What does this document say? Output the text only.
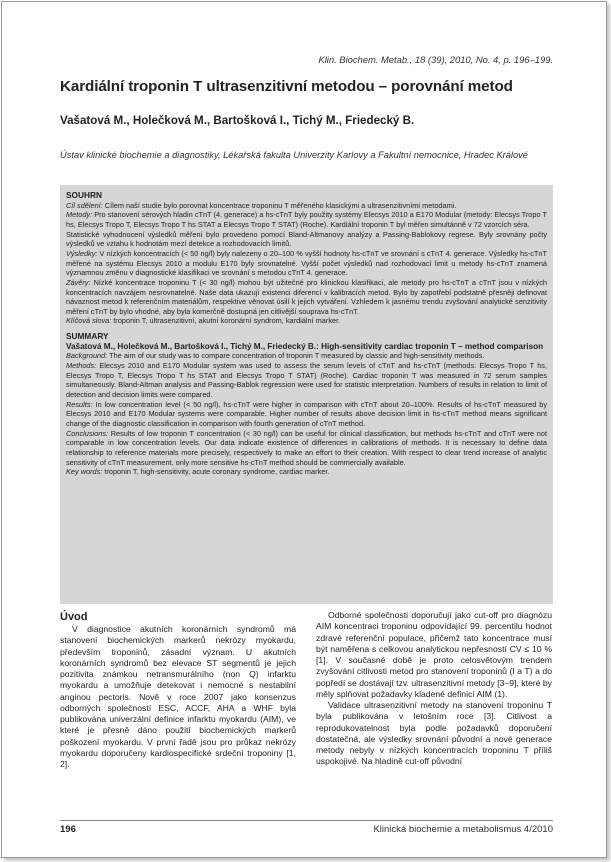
Klin. Biochem. Metab., 18 (39), 2010, No. 4, p. 196–199.
Kardiální troponin T ultrasenzitivní metodou – porovnání metod
Vašatová M., Holečková M., Bartošková I., Tichý M., Friedecký B.
Ústav klinické biochemie a diagnostiky, Lékařská fakulta Univerzity Karlovy a Fakultní nemocnice, Hradec Králové

SOUHRN

Cíl sdělení: Cílem naší studie bylo porovnat koncentrace troponinu T měřeného klasickými a ultrasenzitivními metodami.

Metody: Pro stanovení sérových hladin cTnT (4. generace) a hs-cTnT byly použity systémy Elecsys 2010 a E170 Modular (metody: Elecsys Tropo T hs, Elecsys Tropo T, Elecsys Tropo T hs STAT a Elecsys Tropo T STAT) (Roche). Kardiální troponin T byl měřen simultánně v 72 vzorcích séra.

Statistické vyhodnocení výsledků měření bylo provedeno pomocí Bland-Altmanovy analýzy a Passing-Bablokovy regrese. Byly srovnány počty výsledků ve vztahu k hodnotám mezí detekce a rozhodovacích limitů.

Výsledky: V nízkých koncentracích (< 50 ng/l) byly nalezeny o 20–100 % vyšší hodnoty hs-cTnT ve srovnání s cTnT 4. generace. Výsledky hs-cTnT měřené na systému Elecsys 2010 a modulu E170 byly srovnatelné. Vyšší počet výsledků nad rozhodovací limit u metody hs-cTnT znamená významnou změnu v diagnostické klasifikaci ve srovnání s metodou cTnT 4. generace.

Závěry: Nízké koncentrace troponinu T (< 30 ng/l) mohou být užitečné pro klinickou klasifikaci, ale metody pro hs-cTnT a cTnT jsou v nízkých koncentracích navzájem nesrovnatelné. Naše data ukazují existenci diferencí v kalibracích metod. Bylo by zapotřebí podstatně přesněji definovat návaznost metod k referenčním materiálům, respektive věnovat úsilí k jejich vytváření. Vzhledem k jasnému trendu zvyšování analytické senzitivity měření cTnT by bylo vhodné, aby byla komerčně dostupná jen citlivější souprava hs-cTnT.

Klíčová slova: troponin T, ultrasenzitivní, akutní koronární syndrom, kardiální marker.

SUMMARY

Vašatová M., Holečková M., Bartošková I., Tichý M., Friedecký B.: High-sensitivity cardiac troponin T – method comparison

Background: The aim of our study was to compare concentration of troponin T measured by classic and high-sensitivity methods.

Methods: Elecsys 2010 and E170 Modular system was used to assess the serum levels of cTnT and hs-cTnT (methods: Elecsys Tropo T hs, Elecsys Tropo T, Elecsys Tropo T hs STAT and Elecsys Tropo T STAT) (Roche). Cardiac troponin T was measured in 72 serum samples simultaneously. Bland-Altman analysis and Passing-Bablok regression were used for statistic interpretation. Numbers of results in relation to limit of detection and decision limits were compared.

Results: In low concentration level (< 50 ng/l), hs-cTnT were higher in comparison with cTnT about 20–100%. Results of hs-cTnT measured by Elecsys 2010 and E170 Modular systems were comparable. Higher number of results above decision limit in hs-cTnT method means significant change of the diagnostic classification in comparison with fourth generation of cTnT method.

Conclusions: Results of low troponin T concentration (< 30 ng/l) can be useful for clinical classification, but methods hs-cTnT and cTnT were not comparable in low concentration levels. Our data indicate existence of differences in calibrations of methods. It is necessary to define data relationship to reference materials more precisely, respectively to make an effort to their creation. With respect to clear trend increase of analytic sensitivity of cTnT measurement, only more sensitive hs-cTnT method should be commercially available.

Key words: troponin T, high-sensitivity, acute coronary syndrome, cardiac marker.

Úvod

V diagnostice akutních koronárních syndromů má stanovení biochemických markerů nekrózy myokardu, především troponinů, zásadní význam. U akutních koronárních syndromů bez elevace ST segmentů je jejich pozitivita známkou netransmurálního (non Q) infarktu myokardu a umožňuje detekovat i nemocné s nestabilní anginou pectoris. Nově v roce 2007 jako konsenzus odborných společností ESC, ACCF, AHA a WHF byla publikována univerzální definice infarktu myokardu (AIM), ve které je přesně dáno použití biochemických markerů poškození myokardu. V první řadě jsou pro průkaz nekrózy myokardu doporučeny kardiospecifické srdeční troponiny [1, 2].

Odborné společnosti doporučují jako cut-off pro diagnózu AIM koncentraci troponinu odpovídající 99. percentilu hodnot zdravé referenční populace, přičemž tato koncentrace musí být naměřena s celkovou analytickou nepřesností CV ≤ 10 % [1]. V současné době je proto celosvětovým trendem zvyšování citlivosti metod pro stanovení troponinů (I a T) a do popředí se dostávají tzv. ultrasenzitivní metody [3–9], které by měly splňovat požadavky kladené definicí AIM (1).

Validace ultrasenzitivní metody na stanovení troponinu T byla publikována v letošním roce [3]. Citlivost a reprodukovatelnost byla podle požadavků doporučení dostatečná, ale výsledky srovnání původní a nové generace metody nebyly v nízkých koncentracích troponinu T příliš uspokojivé. Na hladině cut-off původní

196	Klinická biochemie a metabolismus 4/2010
